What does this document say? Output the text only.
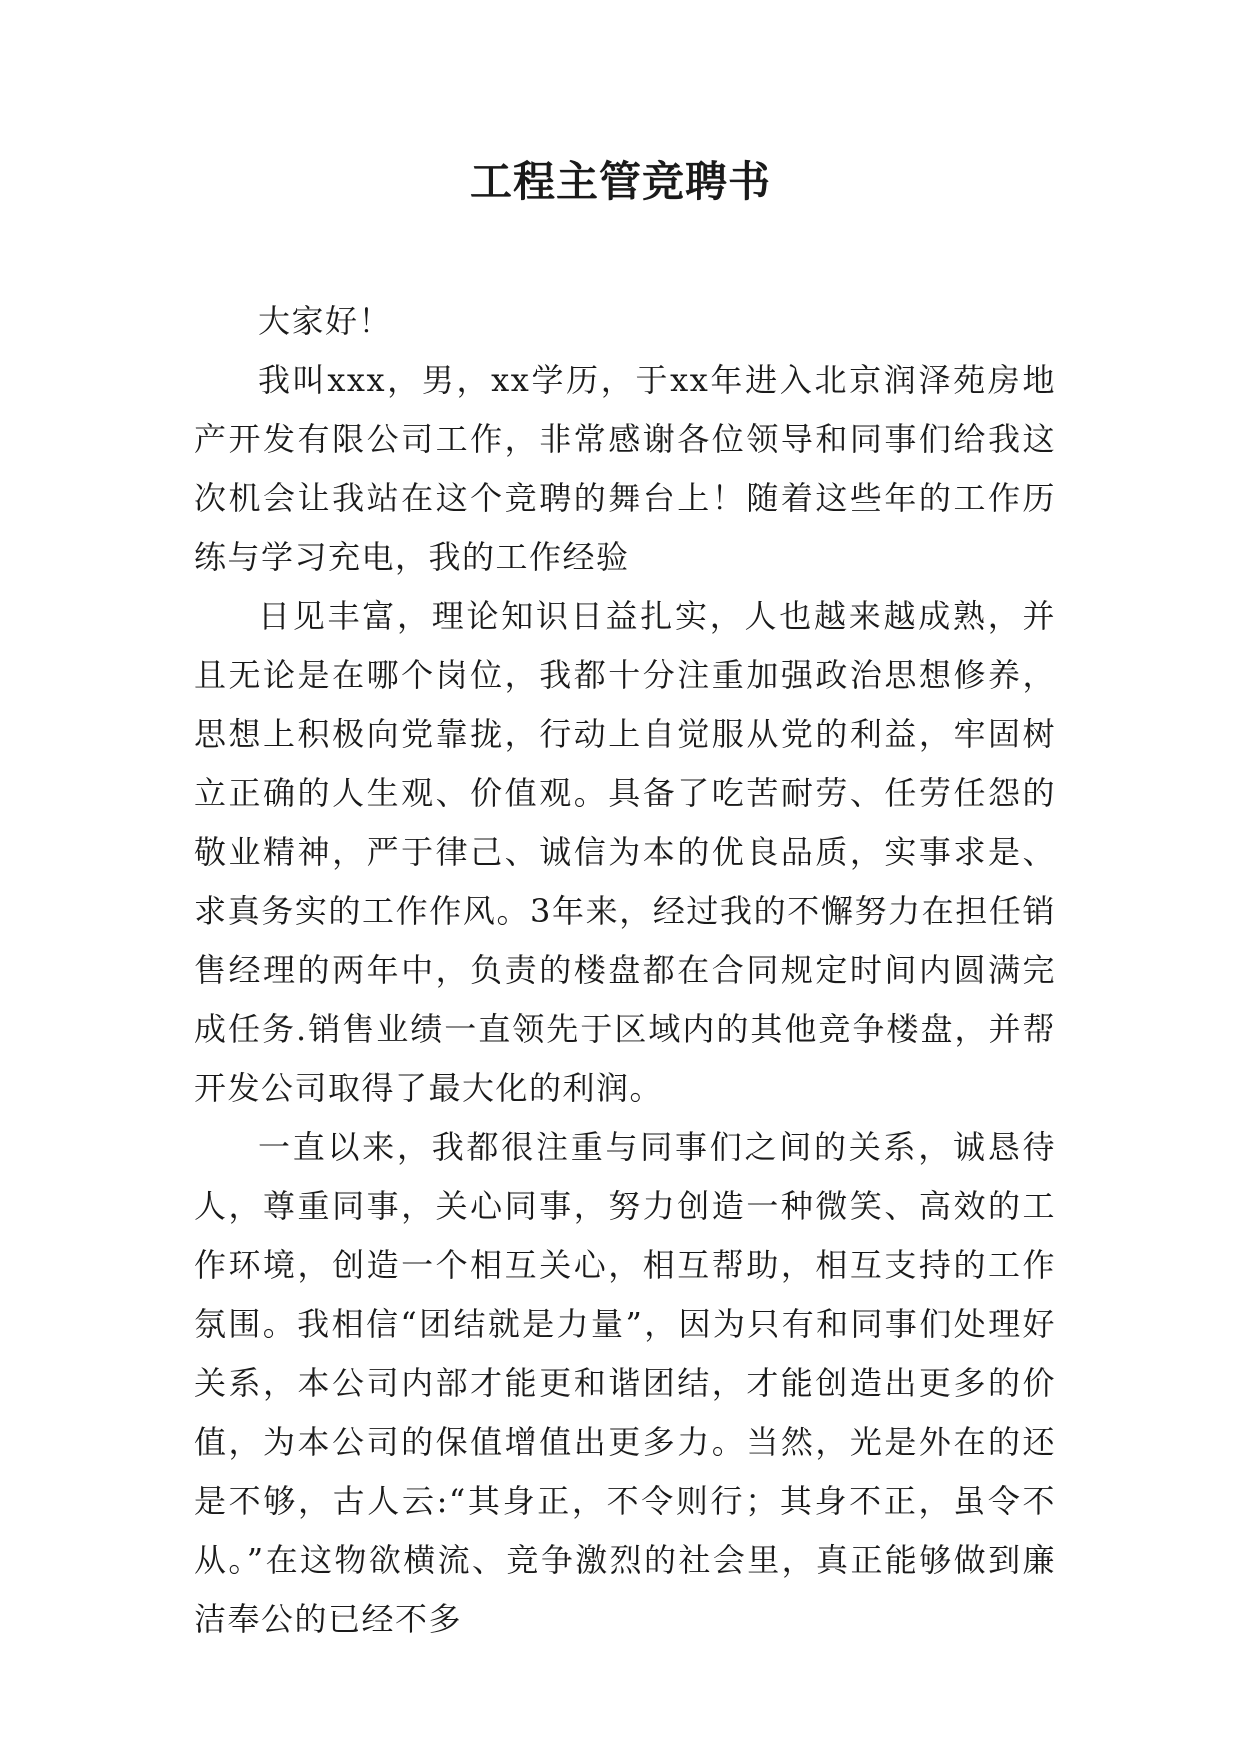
工程主管竞聘书

大家好！

我叫xxx，男，xx学历，于xx年进入北京润泽苑房地产开发有限公司工作，非常感谢各位领导和同事们给我这次机会让我站在这个竞聘的舞台上！随着这些年的工作历练与学习充电，我的工作经验

日见丰富，理论知识日益扎实，人也越来越成熟，并且无论是在哪个岗位，我都十分注重加强政治思想修养，思想上积极向党靠拢，行动上自觉服从党的利益，牢固树立正确的人生观、价值观。具备了吃苦耐劳、任劳任怨的敬业精神，严于律己、诚信为本的优良品质，实事求是、求真务实的工作作风。3年来，经过我的不懈努力在担任销售经理的两年中，负责的楼盘都在合同规定时间内圆满完成任务.销售业绩一直领先于区域内的其他竞争楼盘，并帮开发公司取得了最大化的利润。

一直以来，我都很注重与同事们之间的关系，诚恳待人，尊重同事，关心同事，努力创造一种微笑、高效的工作环境，创造一个相互关心，相互帮助，相互支持的工作氛围。我相信“团结就是力量”，因为只有和同事们处理好关系，本公司内部才能更和谐团结，才能创造出更多的价值，为本公司的保值增值出更多力。当然，光是外在的还是不够，古人云:“其身正，不令则行；其身不正，虽令不从。”在这物欲横流、竞争激烈的社会里，真正能够做到廉洁奉公的已经不多
